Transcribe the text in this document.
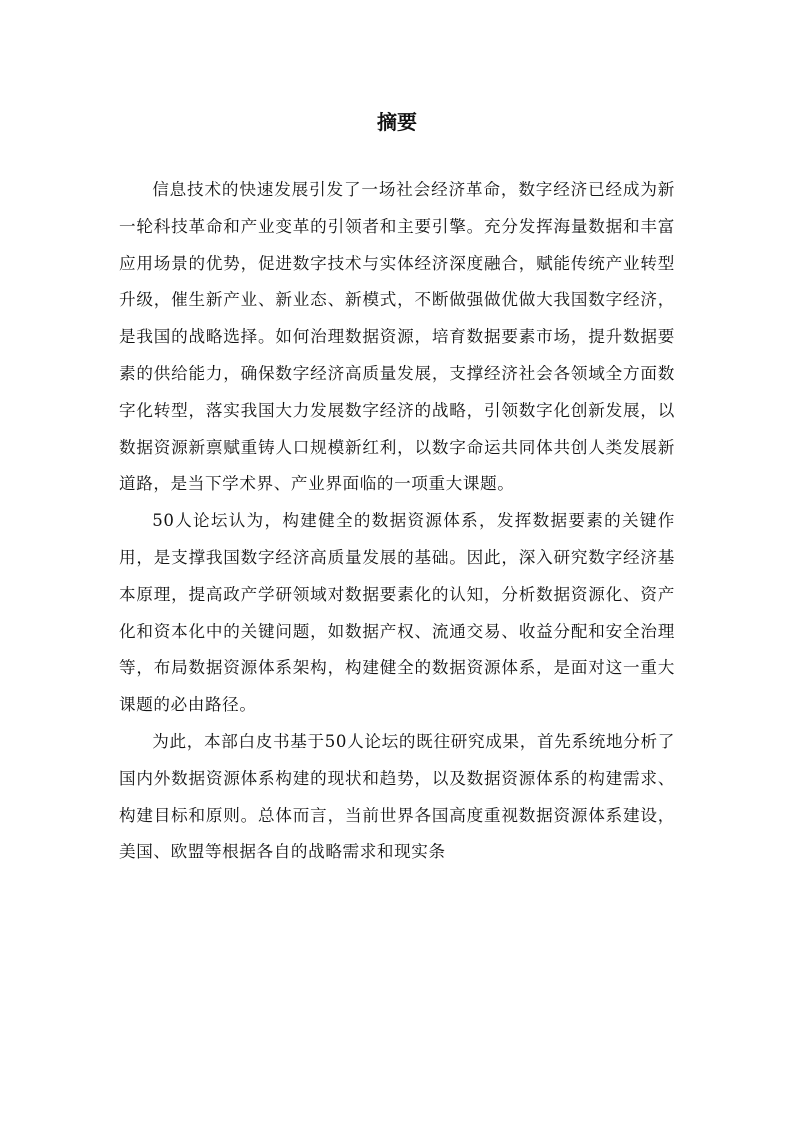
摘要

信息技术的快速发展引发了一场社会经济革命，数字经济已经成为新一轮科技革命和产业变革的引领者和主要引擎。充分发挥海量数据和丰富应用场景的优势，促进数字技术与实体经济深度融合，赋能传统产业转型升级，催生新产业、新业态、新模式，不断做强做优做大我国数字经济，是我国的战略选择。如何治理数据资源，培育数据要素市场，提升数据要素的供给能力，确保数字经济高质量发展，支撑经济社会各领域全方面数字化转型，落实我国大力发展数字经济的战略，引领数字化创新发展，以数据资源新禀赋重铸人口规模新红利，以数字命运共同体共创人类发展新道路，是当下学术界、产业界面临的一项重大课题。

50人论坛认为，构建健全的数据资源体系，发挥数据要素的关键作用，是支撑我国数字经济高质量发展的基础。因此，深入研究数字经济基本原理，提高政产学研领域对数据要素化的认知，分析数据资源化、资产化和资本化中的关键问题，如数据产权、流通交易、收益分配和安全治理等，布局数据资源体系架构，构建健全的数据资源体系，是面对这一重大课题的必由路径。

为此，本部白皮书基于50人论坛的既往研究成果，首先系统地分析了国内外数据资源体系构建的现状和趋势，以及数据资源体系的构建需求、构建目标和原则。总体而言，当前世界各国高度重视数据资源体系建设，美国、欧盟等根据各自的战略需求和现实条
